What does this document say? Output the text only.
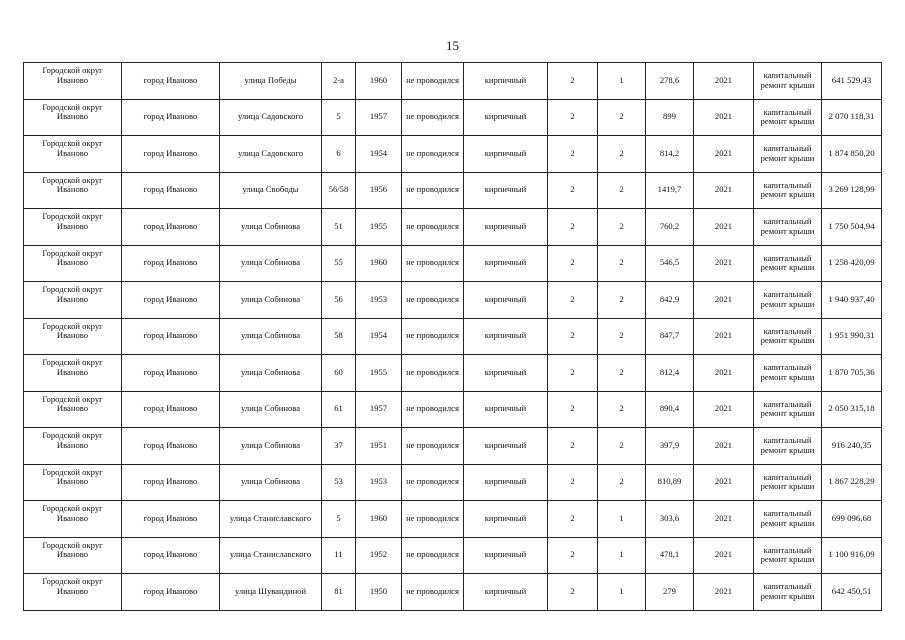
15
Городской округ Иваново	город Иваново	улица Победы	2-а	1960	не проводился	кирпичный	2	1	278,6	2021	капитальный ремонт крыши	641 529,43
Городской округ Иваново	город Иваново	улица Садовского	5	1957	не проводился	кирпичный	2	2	899	2021	капитальный ремонт крыши	2 070 118,31
Городской округ Иваново	город Иваново	улица Садовского	6	1954	не проводился	кирпичный	2	2	814,2	2021	капитальный ремонт крыши	1 874 850,20
Городской округ Иваново	город Иваново	улица Свободы	56/58	1956	не проводился	кирпичный	2	2	1419,7	2021	капитальный ремонт крыши	3 269 128,99
Городской округ Иваново	город Иваново	улица Собинова	51	1955	не проводился	кирпичный	2	2	760,2	2021	капитальный ремонт крыши	1 750 504,94
Городской округ Иваново	город Иваново	улица Собинова	55	1960	не проводился	кирпичный	2	2	546,5	2021	капитальный ремонт крыши	1 258 420,09
Городской округ Иваново	город Иваново	улица Собинова	56	1953	не проводился	кирпичный	2	2	842,9	2021	капитальный ремонт крыши	1 940 937,40
Городской округ Иваново	город Иваново	улица Собинова	58	1954	не проводился	кирпичный	2	2	847,7	2021	капитальный ремонт крыши	1 951 990,31
Городской округ Иваново	город Иваново	улица Собинова	60	1955	не проводился	кирпичный	2	2	812,4	2021	капитальный ремонт крыши	1 870 705,36
Городской округ Иваново	город Иваново	улица Собинова	61	1957	не проводился	кирпичный	2	2	890,4	2021	капитальный ремонт крыши	2 050 315,18
Городской округ Иваново	город Иваново	улица Собинова	37	1951	не проводился	кирпичный	2	2	397,9	2021	капитальный ремонт крыши	916 240,35
Городской округ Иваново	город Иваново	улица Собинова	53	1953	не проводился	кирпичный	2	2	810,89	2021	капитальный ремонт крыши	1 867 228,29
Городской округ Иваново	город Иваново	улица Станиславского	5	1960	не проводился	кирпичный	2	1	303,6	2021	капитальный ремонт крыши	699 096,68
Городской округ Иваново	город Иваново	улица Станиславского	11	1952	не проводился	кирпичный	2	1	478,1	2021	капитальный ремонт крыши	1 100 916,09
Городской округ Иваново	город Иваново	улица Шувандиной	81	1950	не проводился	кирпичный	2	1	279	2021	капитальный ремонт крыши	642 450,51
